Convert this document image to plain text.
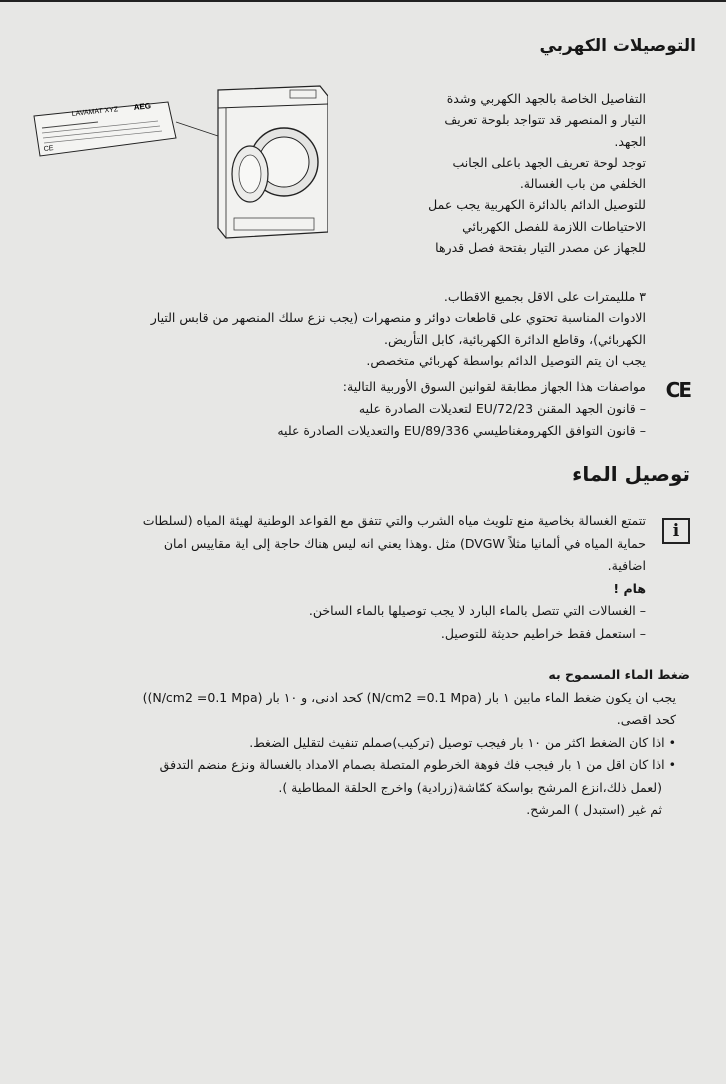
التوصيلات الكهربي
LAVAMAT XYZ AEG
CE
التفاصيل الخاصة بالجهد الكهربي وشدة
التيار و المنصهر قد تتواجد بلوحة تعريف
الجهد.
توجد لوحة تعريف الجهد باعلى الجانب
الخلفي من باب الغسالة.
للتوصيل الدائم بالدائرة الكهربية يجب عمل
الاحتياطات اللازمة للفصل الكهربائي
للجهاز عن مصدر التيار بفتحة فصل قدرها
٣ ملليمترات على الاقل بجميع الاقطاب.
الادوات المناسبة تحتوي على قاطعات دوائر و منصهرات (يجب نزع سلك المنصهر من قابس التيار
الكهربائي)، وقاطع الدائرة الكهربائية، كابل التأريض.
يجب ان يتم التوصيل الدائم بواسطة كهربائي متخصص.
CE
مواصفات هذا الجهاز مطابقة لقوانين السوق الأوربية التالية:
– قانون الجهد المقنن 72/23/EU لتعديلات الصادرة عليه
– قانون التوافق الكهرومغناطيسي 89/336/EU والتعديلات الصادرة عليه
توصيل الماء
i
تتمتع الغسالة بخاصية منع تلويث مياه الشرب والتي تتفق مع القواعد الوطنية لهيئة المياه (لسلطات
حماية المياه في ألمانيا مثلاً DVGW) مثل .وهذا يعني انه ليس هناك حاجة إلى اية مقاييس امان
اضافية.
هام !
– الغسالات التي تتصل بالماء البارد لا يجب توصيلها بالماء الساخن.
– استعمل فقط خراطيم حديثة للتوصيل.
ضغط الماء المسموح به
يجب ان يكون ضغط الماء مابين ١ بار (N/cm2 =0.1 Mpa) كحد ادنى، و ١٠ بار (N/cm2 =0.1 Mpa))
كحد اقصى.
• اذا كان الضغط اكثر من ١٠ بار فيجب توصيل (تركيب)صملم تنفيث لتقليل الضغط.
• اذا كان اقل من ١ بار فيجب فك فوهة الخرطوم المتصلة بصمام الامداد بالغسالة ونزع منضم التدفق
(لعمل ذلك،انزع المرشح بواسكة كمّاشة(زرادية) واخرج الحلقة المطاطية ).
ثم غير (استبدل ) المرشح.
